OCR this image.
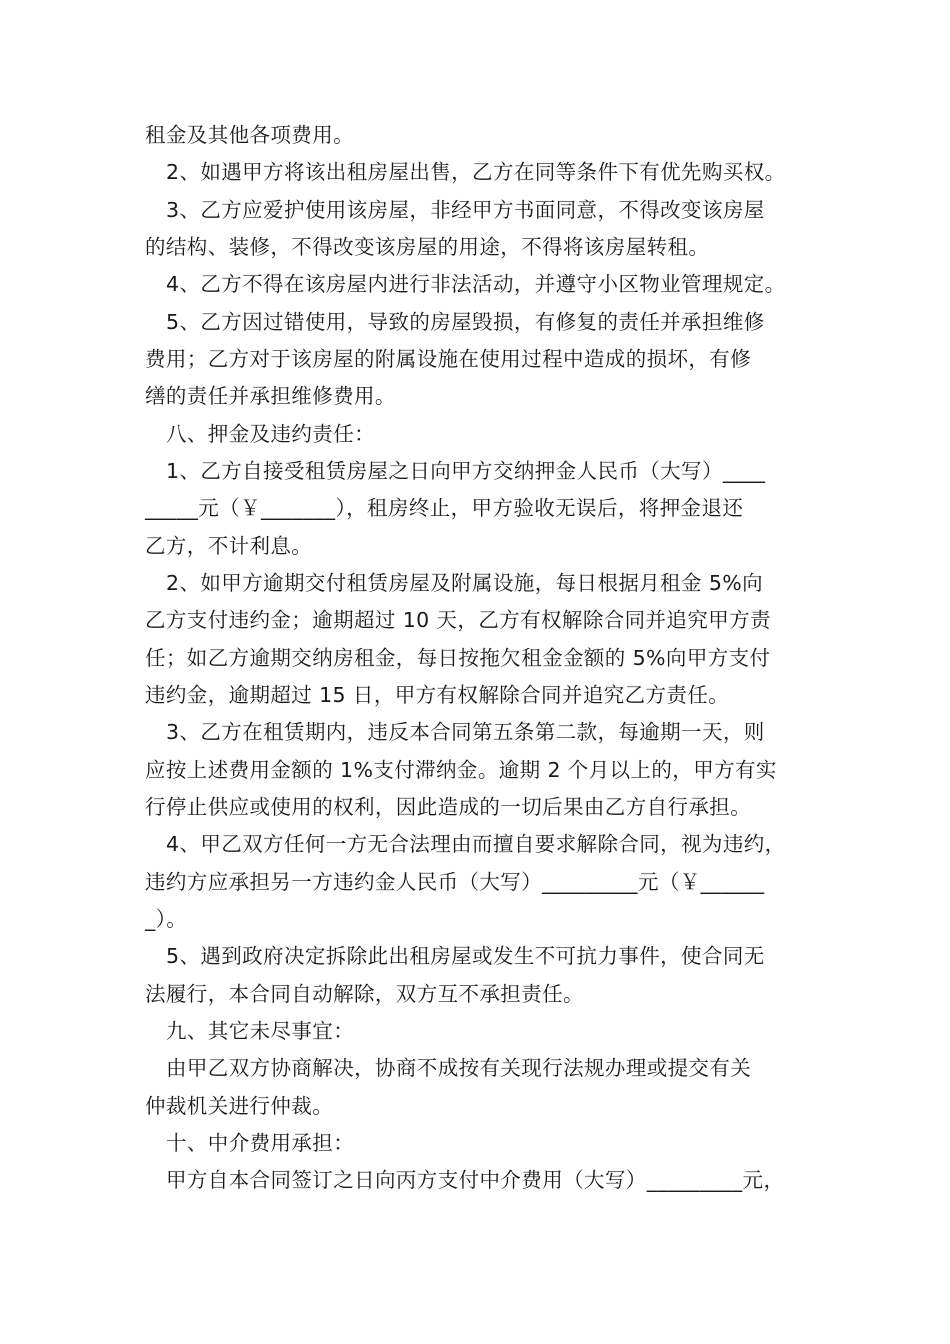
租金及其他各项费用。
2、如遇甲方将该出租房屋出售，乙方在同等条件下有优先购买权。
3、乙方应爱护使用该房屋，非经甲方书面同意，不得改变该房屋
的结构、装修，不得改变该房屋的用途，不得将该房屋转租。
4、乙方不得在该房屋内进行非法活动，并遵守小区物业管理规定。
5、乙方因过错使用，导致的房屋毁损，有修复的责任并承担维修
费用；乙方对于该房屋的附属设施在使用过程中造成的损坏，有修
缮的责任并承担维修费用。
八、押金及违约责任：
1、乙方自接受租赁房屋之日向甲方交纳押金人民币（大写）____
_____元（￥_______），租房终止，甲方验收无误后，将押金退还
乙方，不计利息。
2、如甲方逾期交付租赁房屋及附属设施，每日根据月租金 5%向
乙方支付违约金；逾期超过 10 天，乙方有权解除合同并追究甲方责
任；如乙方逾期交纳房租金，每日按拖欠租金金额的 5%向甲方支付
违约金，逾期超过 15 日，甲方有权解除合同并追究乙方责任。
3、乙方在租赁期内，违反本合同第五条第二款，每逾期一天，则
应按上述费用金额的 1%支付滞纳金。逾期 2 个月以上的，甲方有实
行停止供应或使用的权利，因此造成的一切后果由乙方自行承担。
4、甲乙双方任何一方无合法理由而擅自要求解除合同，视为违约，
违约方应承担另一方违约金人民币（大写）_________元（￥______
_）。
5、遇到政府决定拆除此出租房屋或发生不可抗力事件，使合同无
法履行，本合同自动解除，双方互不承担责任。
九、其它未尽事宜：
由甲乙双方协商解决，协商不成按有关现行法规办理或提交有关
仲裁机关进行仲裁。
十、中介费用承担：
甲方自本合同签订之日向丙方支付中介费用（大写）_________元，
